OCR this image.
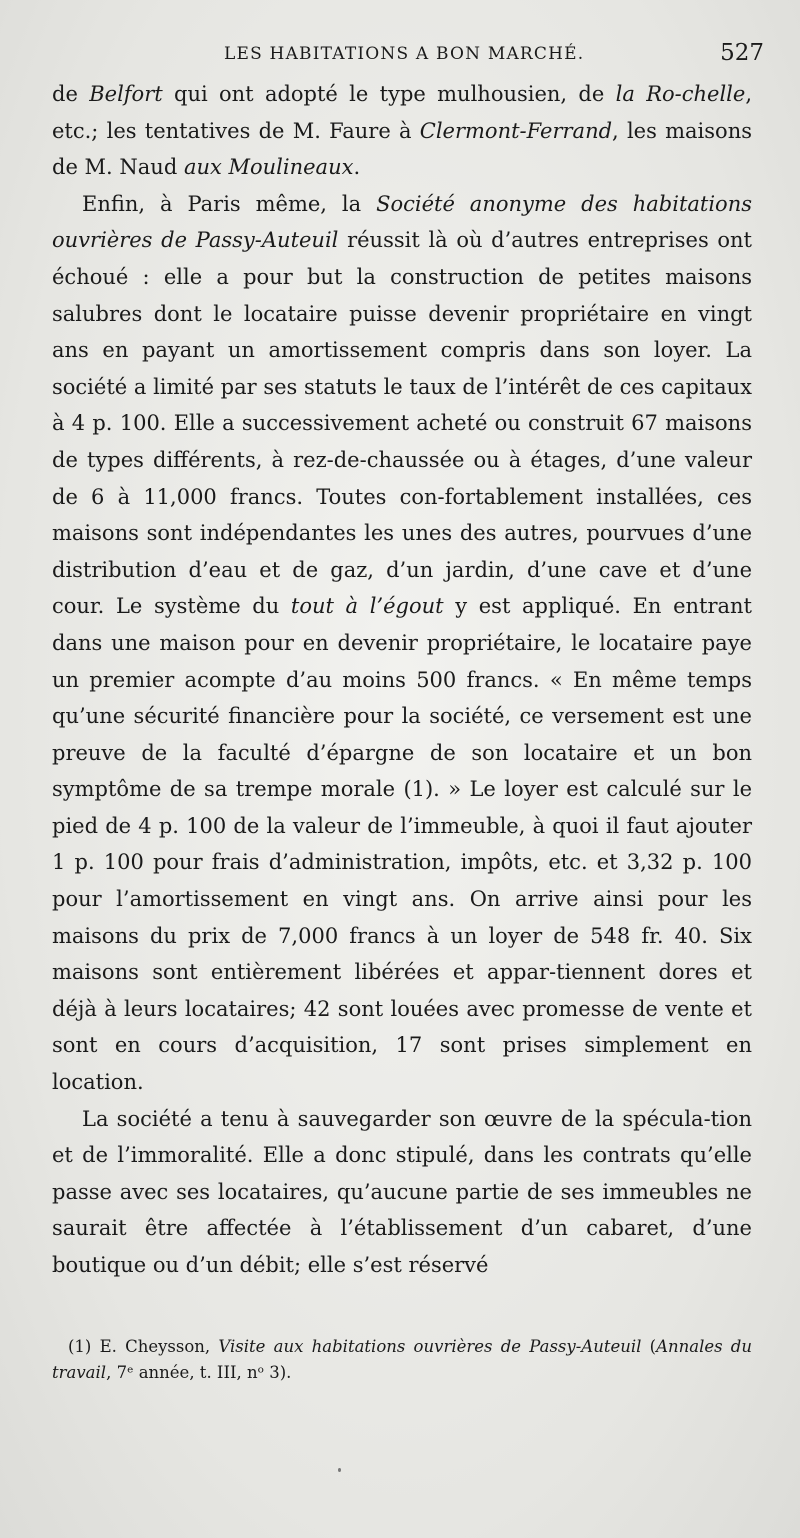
LES HABITATIONS A BON MARCHÉ.	527

de Belfort qui ont adopté le type mulhousien, de la Ro-chelle, etc.; les tentatives de M. Faure à Clermont-Ferrand, les maisons de M. Naud aux Moulineaux.

Enfin, à Paris même, la Société anonyme des habitations ouvrières de Passy-Auteuil réussit là où d’autres entreprises ont échoué : elle a pour but la construction de petites maisons salubres dont le locataire puisse devenir propriétaire en vingt ans en payant un amortissement compris dans son loyer. La société a limité par ses statuts le taux de l’intérêt de ces capitaux à 4 p. 100. Elle a successivement acheté ou construit 67 maisons de types différents, à rez-de-chaussée ou à étages, d’une valeur de 6 à 11,000 francs. Toutes con-fortablement installées, ces maisons sont indépendantes les unes des autres, pourvues d’une distribution d’eau et de gaz, d’un jardin, d’une cave et d’une cour. Le système du tout à l’égout y est appliqué. En entrant dans une maison pour en devenir propriétaire, le locataire paye un premier acompte d’au moins 500 francs. « En même temps qu’une sécurité financière pour la société, ce versement est une preuve de la faculté d’épargne de son locataire et un bon symptôme de sa trempe morale (1). » Le loyer est calculé sur le pied de 4 p. 100 de la valeur de l’immeuble, à quoi il faut ajouter 1 p. 100 pour frais d’administration, impôts, etc. et 3,32 p. 100 pour l’amortissement en vingt ans. On arrive ainsi pour les maisons du prix de 7,000 francs à un loyer de 548 fr. 40. Six maisons sont entièrement libérées et appar-tiennent dores et déjà à leurs locataires; 42 sont louées avec promesse de vente et sont en cours d’acquisition, 17 sont prises simplement en location.

La société a tenu à sauvegarder son œuvre de la spécula-tion et de l’immoralité. Elle a donc stipulé, dans les contrats qu’elle passe avec ses locataires, qu’aucune partie de ses immeubles ne saurait être affectée à l’établissement d’un cabaret, d’une boutique ou d’un débit; elle s’est réservé

(1) E. Cheysson, Visite aux habitations ouvrières de Passy-Auteuil (Annales du travail, 7ᵉ année, t. III, nᵒ 3).
